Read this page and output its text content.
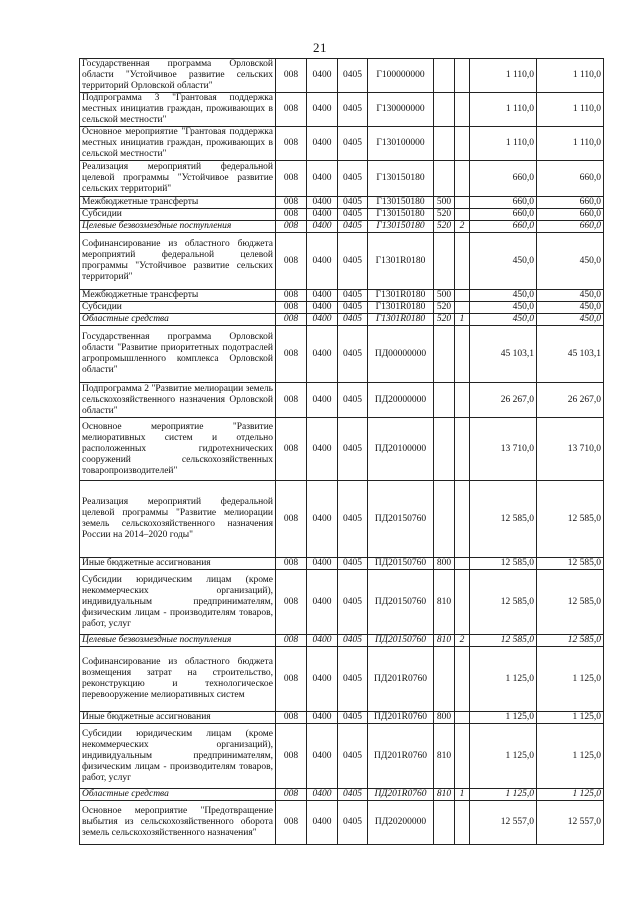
21
Государственная программа Орловской области "Устойчивое развитие сельских территорий Орловской области"	008	0400	0405	Г100000000			1 110,0	1 110,0
Подпрограмма 3 "Грантовая поддержка местных инициатив граждан, проживающих в сельской местности"	008	0400	0405	Г130000000			1 110,0	1 110,0
Основное мероприятие "Грантовая поддержка местных инициатив граждан, проживающих в сельской местности"	008	0400	0405	Г130100000			1 110,0	1 110,0
Реализация мероприятий федеральной целевой программы "Устойчивое развитие сельских территорий"	008	0400	0405	Г130150180			660,0	660,0
Межбюджетные трансферты	008	0400	0405	Г130150180	500		660,0	660,0
Субсидии	008	0400	0405	Г130150180	520		660,0	660,0
Целевые безвозмездные поступления	008	0400	0405	Г130150180	520	2	660,0	660,0
Софинансирование из областного бюджета мероприятий федеральной целевой программы "Устойчивое развитие сельских территорий"	008	0400	0405	Г1301R0180			450,0	450,0
Межбюджетные трансферты	008	0400	0405	Г1301R0180	500		450,0	450,0
Субсидии	008	0400	0405	Г1301R0180	520		450,0	450,0
Областные средства	008	0400	0405	Г1301R0180	520	1	450,0	450,0
Государственная программа Орловской области "Развитие приоритетных подотраслей агропромышленного комплекса Орловской области"	008	0400	0405	ПД00000000			45 103,1	45 103,1
Подпрограмма 2 "Развитие мелиорации земель сельскохозяйственного назначения Орловской области"	008	0400	0405	ПД20000000			26 267,0	26 267,0
Основное мероприятие "Развитие мелиоративных систем и отдельно расположенных гидротехнических сооружений сельскохозяйственных товаропроизводителей"	008	0400	0405	ПД20100000			13 710,0	13 710,0
Реализация мероприятий федеральной целевой программы "Развитие мелиорации земель сельскохозяйственного назначения России на 2014–2020 годы"	008	0400	0405	ПД20150760			12 585,0	12 585,0
Иные бюджетные ассигнования	008	0400	0405	ПД20150760	800		12 585,0	12 585,0
Субсидии юридическим лицам (кроме некоммерческих организаций), индивидуальным предпринимателям, физическим лицам - производителям товаров, работ, услуг	008	0400	0405	ПД20150760	810		12 585,0	12 585,0
Целевые безвозмездные поступления	008	0400	0405	ПД20150760	810	2	12 585,0	12 585,0
Софинансирование из областного бюджета возмещения затрат на строительство, реконструкцию и технологическое перевооружение мелиоративных систем	008	0400	0405	ПД201R0760			1 125,0	1 125,0
Иные бюджетные ассигнования	008	0400	0405	ПД201R0760	800		1 125,0	1 125,0
Субсидии юридическим лицам (кроме некоммерческих организаций), индивидуальным предпринимателям, физическим лицам - производителям товаров, работ, услуг	008	0400	0405	ПД201R0760	810		1 125,0	1 125,0
Областные средства	008	0400	0405	ПД201R0760	810	1	1 125,0	1 125,0
Основное мероприятие "Предотвращение выбытия из сельскохозяйственного оборота земель сельскохозяйственного назначения"	008	0400	0405	ПД20200000			12 557,0	12 557,0
